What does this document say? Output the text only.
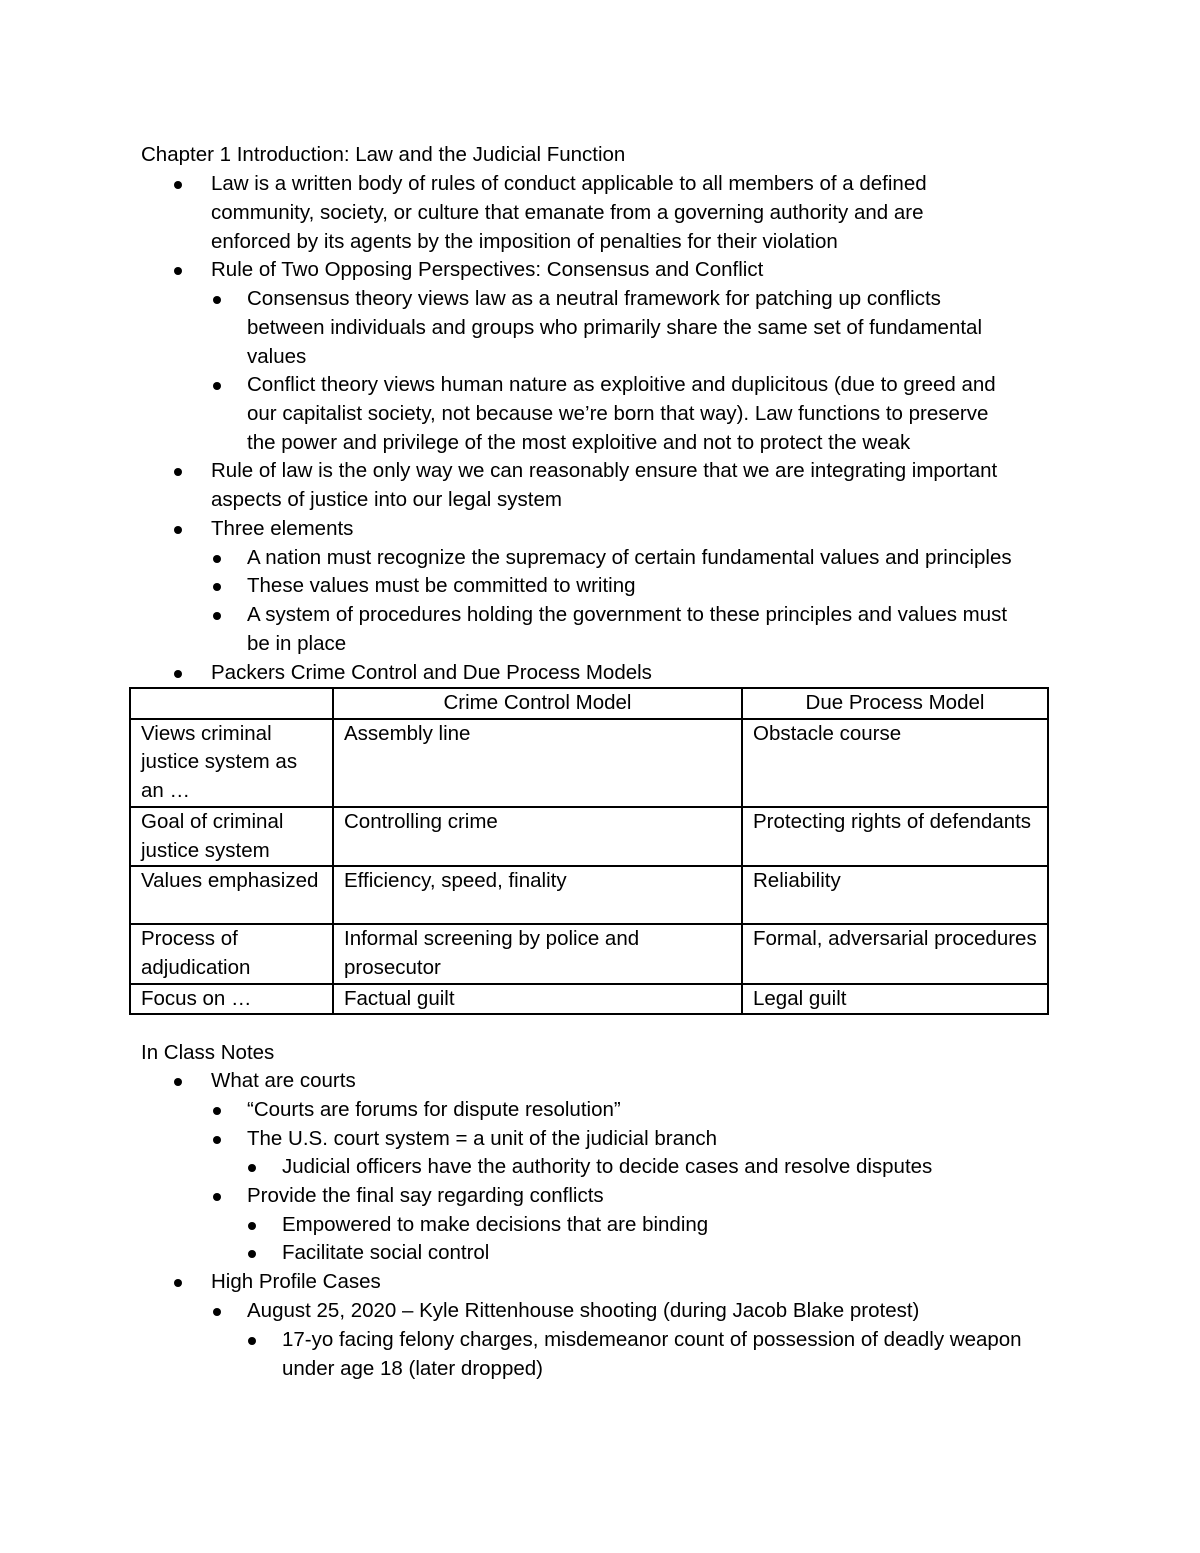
Chapter 1 Introduction: Law and the Judicial Function
Law is a written body of rules of conduct applicable to all members of a defined
community, society, or culture that emanate from a governing authority and are
enforced by its agents by the imposition of penalties for their violation
Rule of Two Opposing Perspectives: Consensus and Conflict
Consensus theory views law as a neutral framework for patching up conflicts
between individuals and groups who primarily share the same set of fundamental
values
Conflict theory views human nature as exploitive and duplicitous (due to greed and
our capitalist society, not because we’re born that way). Law functions to preserve
the power and privilege of the most exploitive and not to protect the weak
Rule of law is the only way we can reasonably ensure that we are integrating important
aspects of justice into our legal system
Three elements
A nation must recognize the supremacy of certain fundamental values and principles
These values must be committed to writing
A system of procedures holding the government to these principles and values must
be in place
Packers Crime Control and Due Process Models
	Crime Control Model	Due Process Model
Views criminal justice system as an …	Assembly line	Obstacle course
Goal of criminal justice system	Controlling crime	Protecting rights of defendants
Values emphasized	Efficiency, speed, finality	Reliability
Process of adjudication	Informal screening by police and prosecutor	Formal, adversarial procedures
Focus on …	Factual guilt	Legal guilt
In Class Notes
What are courts
“Courts are forums for dispute resolution”
The U.S. court system = a unit of the judicial branch
Judicial officers have the authority to decide cases and resolve disputes
Provide the final say regarding conflicts
Empowered to make decisions that are binding
Facilitate social control
High Profile Cases
August 25, 2020 – Kyle Rittenhouse shooting (during Jacob Blake protest)
17-yo facing felony charges, misdemeanor count of possession of deadly weapon
under age 18 (later dropped)
